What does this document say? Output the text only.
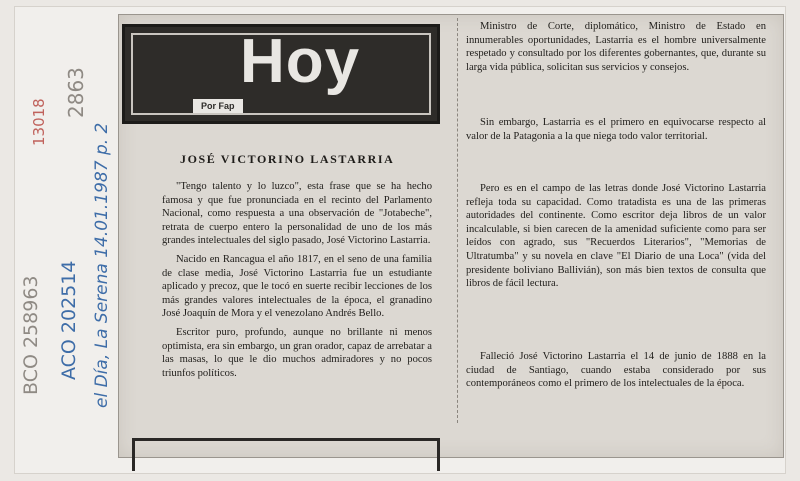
BCO 258963 ACO 202514 el Día, La Serena 14.01.1987 p. 2
2863
13018
Hoy
Por Fap
JOSÉ VICTORINO LASTARRIA

"Tengo talento y lo luzco", esta frase que se ha hecho famosa y que fue pronunciada en el recinto del Parlamento Nacional, como respuesta a una observación de "Jotabeche", retrata de cuerpo entero la personalidad de uno de los más grandes intelectuales del siglo pasado, José Victorino Lastarria.

Nacido en Rancagua el año 1817, en el seno de una familia de clase media, José Victorino Lastarria fue un estudiante aplicado y precoz, que le tocó en suerte recibir lecciones de los más grandes valores intelectuales de la época, el granadino José Joaquín de Mora y el venezolano Andrés Bello.

Escritor puro, profundo, aunque no brillante ni menos optimista, era sin embargo, un gran orador, capaz de arrebatar a las masas, lo que le dio muchos admiradores y no pocos triunfos políticos.

Ministro de Corte, diplomático, Ministro de Estado en innumerables oportunidades, Lastarria es el hombre universalmente respetado y consultado por los diferentes gobernantes, que, durante su larga vida pública, solicitan sus servicios y consejos.

Sin embargo, Lastarria es el primero en equivocarse respecto al valor de la Patagonia a la que niega todo valor territorial.

Pero es en el campo de las letras donde José Victorino Lastarria refleja toda su capacidad. Como tratadista es una de las primeras autoridades del continente. Como escritor deja libros de un valor incalculable, si bien carecen de la amenidad suficiente como para ser leídos con agrado, sus "Recuerdos Literarios", "Memorias de Ultratumba" y su novela en clave "El Diario de una Loca" (vida del presidente boliviano Ballivián), son más bien textos de consulta que libros de fácil lectura.

Falleció José Victorino Lastarria el 14 de junio de 1888 en la ciudad de Santiago, cuando estaba considerado por sus contemporáneos como el primero de los intelectuales de la época.
